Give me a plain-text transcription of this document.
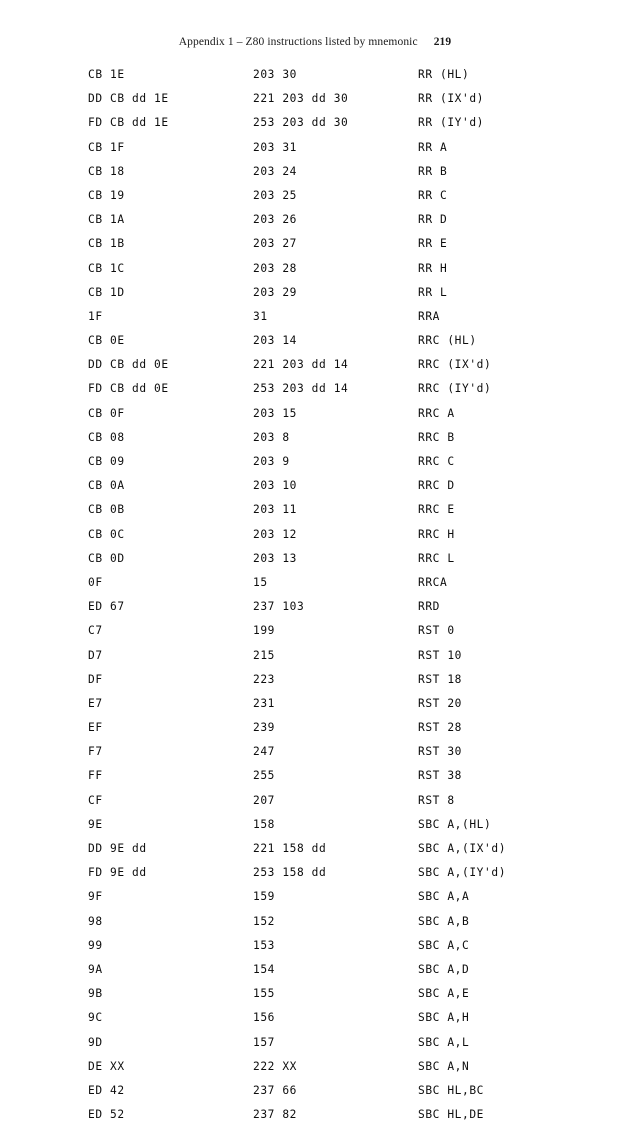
Appendix 1 – Z80 instructions listed by mnemonic 219
CB 1E	203 30	RR (HL)
DD CB dd 1E	221 203 dd 30	RR (IX'd)
FD CB dd 1E	253 203 dd 30	RR (IY'd)
CB 1F	203 31	RR A
CB 18	203 24	RR B
CB 19	203 25	RR C
CB 1A	203 26	RR D
CB 1B	203 27	RR E
CB 1C	203 28	RR H
CB 1D	203 29	RR L
1F	31	RRA
CB 0E	203 14	RRC (HL)
DD CB dd 0E	221 203 dd 14	RRC (IX'd)
FD CB dd 0E	253 203 dd 14	RRC (IY'd)
CB 0F	203 15	RRC A
CB 08	203 8	RRC B
CB 09	203 9	RRC C
CB 0A	203 10	RRC D
CB 0B	203 11	RRC E
CB 0C	203 12	RRC H
CB 0D	203 13	RRC L
0F	15	RRCA
ED 67	237 103	RRD
C7	199	RST 0
D7	215	RST 10
DF	223	RST 18
E7	231	RST 20
EF	239	RST 28
F7	247	RST 30
FF	255	RST 38
CF	207	RST 8
9E	158	SBC A,(HL)
DD 9E dd	221 158 dd	SBC A,(IX'd)
FD 9E dd	253 158 dd	SBC A,(IY'd)
9F	159	SBC A,A
98	152	SBC A,B
99	153	SBC A,C
9A	154	SBC A,D
9B	155	SBC A,E
9C	156	SBC A,H
9D	157	SBC A,L
DE XX	222 XX	SBC A,N
ED 42	237 66	SBC HL,BC
ED 52	237 82	SBC HL,DE
